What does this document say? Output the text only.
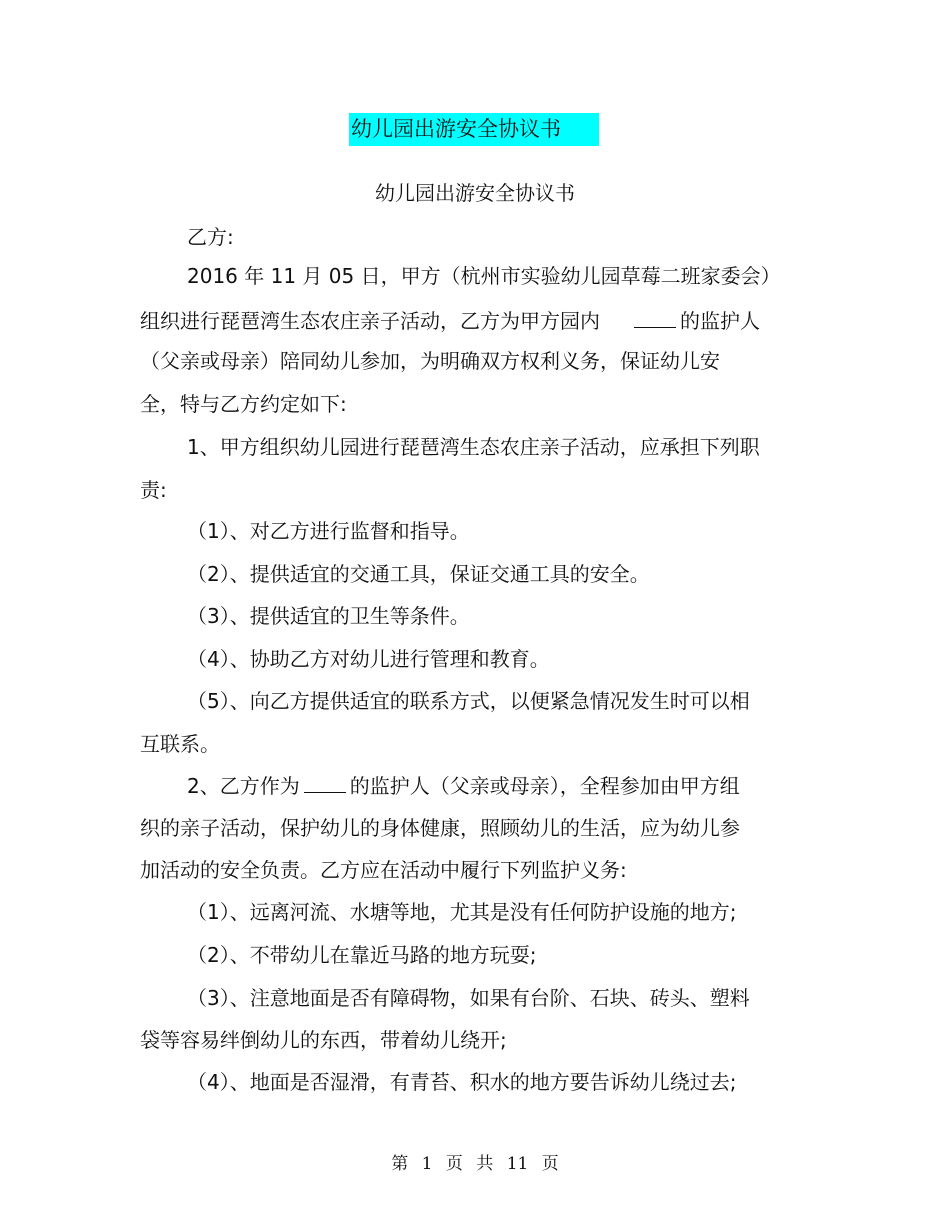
幼儿园出游安全协议书
幼儿园出游安全协议书
乙方:
2016 年 11 月 05 日，甲方（杭州市实验幼儿园草莓二班家委会）
组织进行琵琶湾生态农庄亲子活动，乙方为甲方园内	的监护人
（父亲或母亲）陪同幼儿参加，为明确双方权利义务，保证幼儿安
全，特与乙方约定如下:
1、甲方组织幼儿园进行琵琶湾生态农庄亲子活动，应承担下列职
责:
（1）、对乙方进行监督和指导。
（2）、提供适宜的交通工具，保证交通工具的安全。
（3）、提供适宜的卫生等条件。
（4）、协助乙方对幼儿进行管理和教育。
（5）、向乙方提供适宜的联系方式，以便紧急情况发生时可以相
互联系。
2、乙方作为	的监护人（父亲或母亲），全程参加由甲方组
织的亲子活动，保护幼儿的身体健康，照顾幼儿的生活，应为幼儿参
加活动的安全负责。乙方应在活动中履行下列监护义务:
（1）、远离河流、水塘等地，尤其是没有任何防护设施的地方;
（2）、不带幼儿在靠近马路的地方玩耍;
（3）、注意地面是否有障碍物，如果有台阶、石块、砖头、塑料
袋等容易绊倒幼儿的东西，带着幼儿绕开;
（4）、地面是否湿滑，有青苔、积水的地方要告诉幼儿绕过去;
第 1 页 共 11 页
